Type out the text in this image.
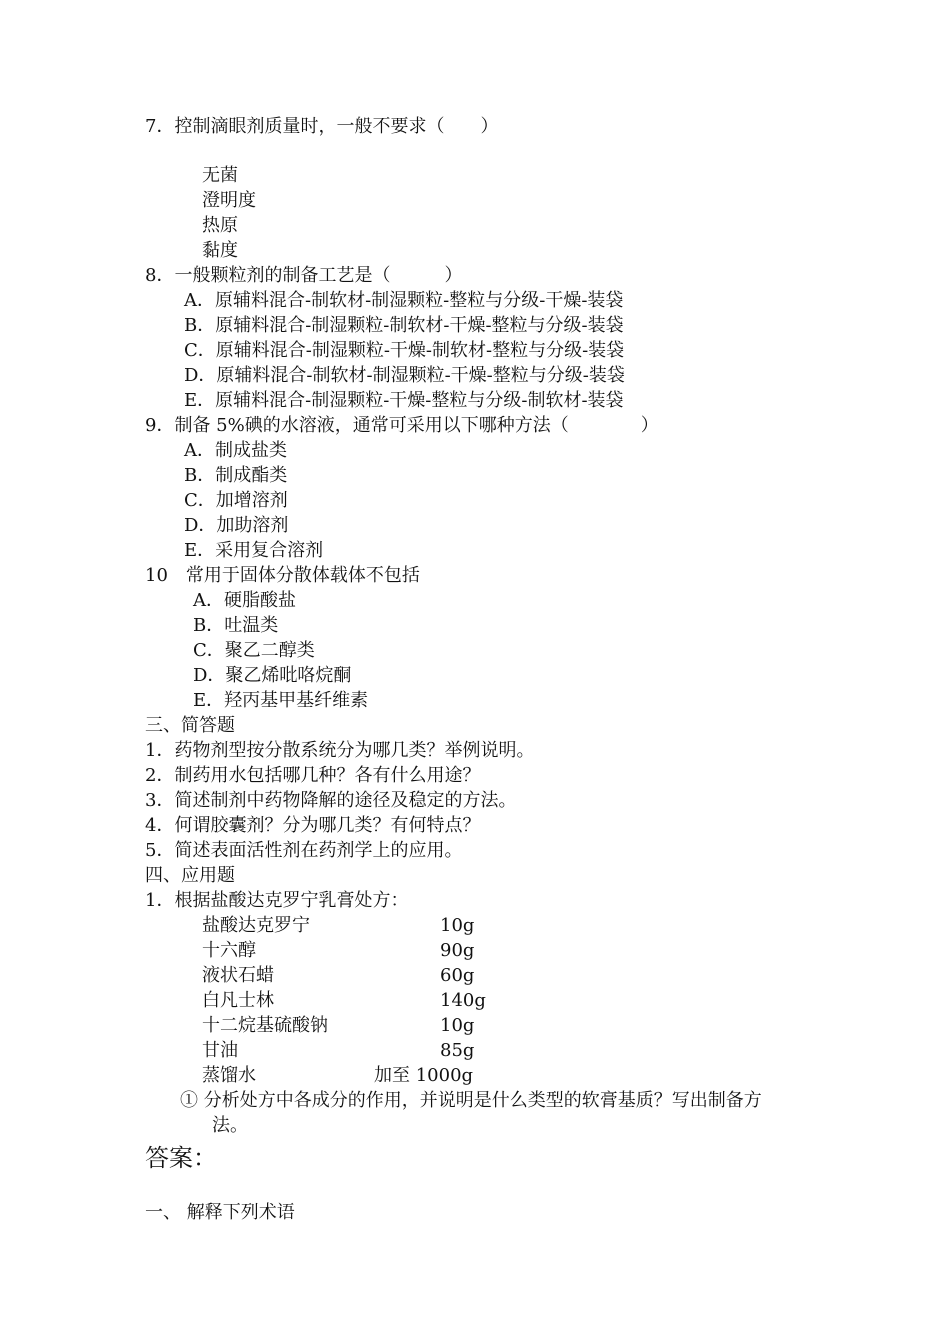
7．控制滴眼剂质量时，一般不要求（　　）
无菌
澄明度
热原
黏度
8．一般颗粒剂的制备工艺是（　　　）
A．原辅料混合-制软材-制湿颗粒-整粒与分级-干燥-装袋
B．原辅料混合-制湿颗粒-制软材-干燥-整粒与分级-装袋
C．原辅料混合-制湿颗粒-干燥-制软材-整粒与分级-装袋
D．原辅料混合-制软材-制湿颗粒-干燥-整粒与分级-装袋
E．原辅料混合-制湿颗粒-干燥-整粒与分级-制软材-装袋
9．制备 5%碘的水溶液，通常可采用以下哪种方法（　　　　）
A．制成盐类
B．制成酯类
C．加增溶剂
D．加助溶剂
E．采用复合溶剂
10　常用于固体分散体载体不包括
A．硬脂酸盐
B．吐温类
C．聚乙二醇类
D．聚乙烯吡咯烷酮
E．羟丙基甲基纤维素
三、简答题
1．药物剂型按分散系统分为哪几类？举例说明。
2．制药用水包括哪几种？各有什么用途？
3．简述制剂中药物降解的途径及稳定的方法。
4．何谓胶囊剂？分为哪几类？有何特点？
5．简述表面活性剂在药剂学上的应用。
四、应用题
1．根据盐酸达克罗宁乳膏处方：
盐酸达克罗宁	10g
十六醇	90g
液状石蜡	60g
白凡士林	140g
十二烷基硫酸钠	10g
甘油	85g
蒸馏水	加至 1000g
① 分析处方中各成分的作用，并说明是什么类型的软膏基质？写出制备方
法。
答案：
一、 解释下列术语
